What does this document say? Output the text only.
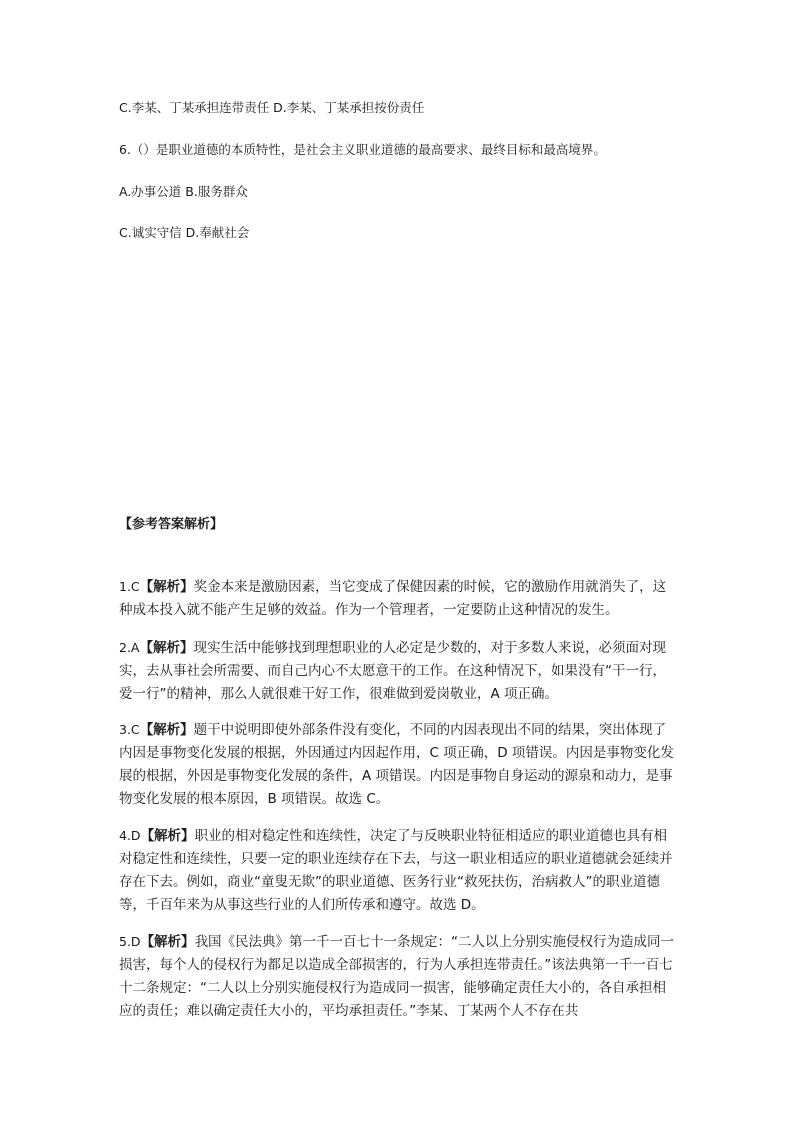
C.李某、丁某承担连带责任 D.李某、丁某承担按份责任
6.（）是职业道德的本质特性，是社会主义职业道德的最高要求、最终目标和最高境界。
A.办事公道 B.服务群众
C.诚实守信 D.奉献社会
【参考答案解析】
1.C【解析】奖金本来是激励因素，当它变成了保健因素的时候，它的激励作用就消失了，这种成本投入就不能产生足够的效益。作为一个管理者，一定要防止这种情况的发生。
2.A【解析】现实生活中能够找到理想职业的人必定是少数的，对于多数人来说，必须面对现实，去从事社会所需要、而自己内心不太愿意干的工作。在这种情况下，如果没有“干一行，爱一行”的精神，那么人就很难干好工作，很难做到爱岗敬业，A 项正确。
3.C【解析】题干中说明即使外部条件没有变化，不同的内因表现出不同的结果，突出体现了内因是事物变化发展的根据，外因通过内因起作用，C 项正确，D 项错误。内因是事物变化发展的根据，外因是事物变化发展的条件，A 项错误。内因是事物自身运动的源泉和动力，是事物变化发展的根本原因，B 项错误。故选 C。
4.D【解析】职业的相对稳定性和连续性，决定了与反映职业特征相适应的职业道德也具有相对稳定性和连续性，只要一定的职业连续存在下去，与这一职业相适应的职业道德就会延续并存在下去。例如，商业“童叟无欺”的职业道德、医务行业“救死扶伤，治病救人”的职业道德等，千百年来为从事这些行业的人们所传承和遵守。故选 D。
5.D【解析】我国《民法典》第一千一百七十一条规定：“二人以上分别实施侵权行为造成同一损害，每个人的侵权行为都足以造成全部损害的，行为人承担连带责任。”该法典第一千一百七十二条规定：“二人以上分别实施侵权行为造成同一损害，能够确定责任大小的，各自承担相应的责任；难以确定责任大小的，平均承担责任。”李某、丁某两个人不存在共
